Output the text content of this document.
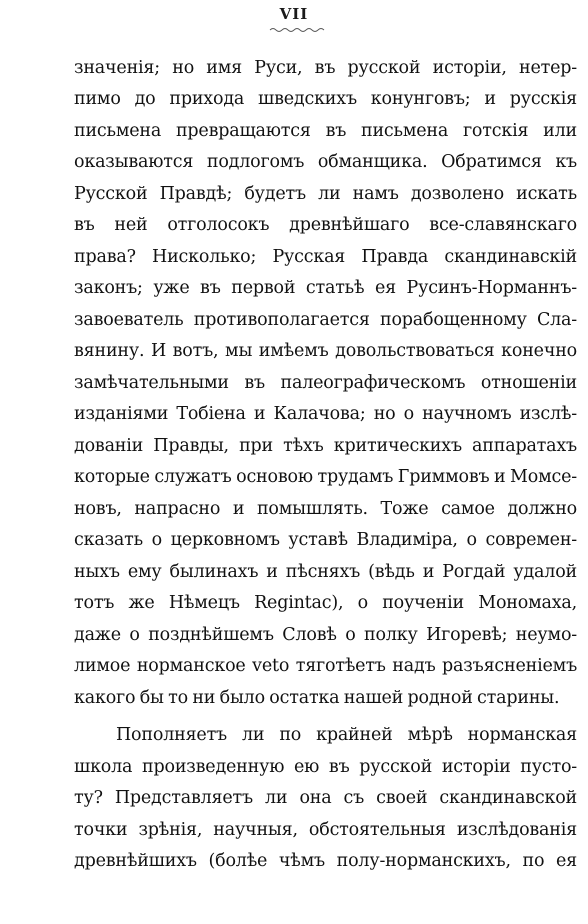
VII
значенія; но имя Руси, въ русской исторіи, нетер-
пимо до прихода шведскихъ конунговъ; и русскія
письмена превращаются въ письмена готскія или
оказываются подлогомъ обманщика. Обратимся къ
Русской Правдѣ; будетъ ли намъ дозволено искать
въ ней отголосокъ древнѣйшаго все-славянскаго
права? Нисколько; Русская Правда скандинавскій
законъ; уже въ первой статьѣ ея Русинъ-Норманнъ-
завоеватель противополагается порабощенному Сла-
вянину. И вотъ, мы имѣемъ довольствоваться конечно
замѣчательными въ палеографическомъ отношеніи
изданіями Тобіена и Калачова; но о научномъ изслѣ-
дованіи Правды, при тѣхъ критическихъ аппаратахъ
которые служатъ основою трудамъ Гриммовъ и Момсе-
новъ, напрасно и помышлять. Тоже самое должно
сказать о церковномъ уставѣ Владиміра, о современ-
ныхъ ему былинахъ и пѣсняхъ (вѣдь и Рогдай удалой
тотъ же Нѣмецъ Regintac), о поученіи Мономаха,
даже о позднѣйшемъ Словѣ о полку Игоревѣ; неумо-
лимое норманское veto тяготѣетъ надъ разъясненіемъ
какого бы то ни было остатка нашей родной старины.
Пополняетъ ли по крайней мѣрѣ норманская
школа произведенную ею въ русской исторіи пусто-
ту? Представляетъ ли она съ своей скандинавской
точки зрѣнія, научныя, обстоятельныя изслѣдованія
древнѣйшихъ (болѣе чѣмъ полу-норманскихъ, по ея
